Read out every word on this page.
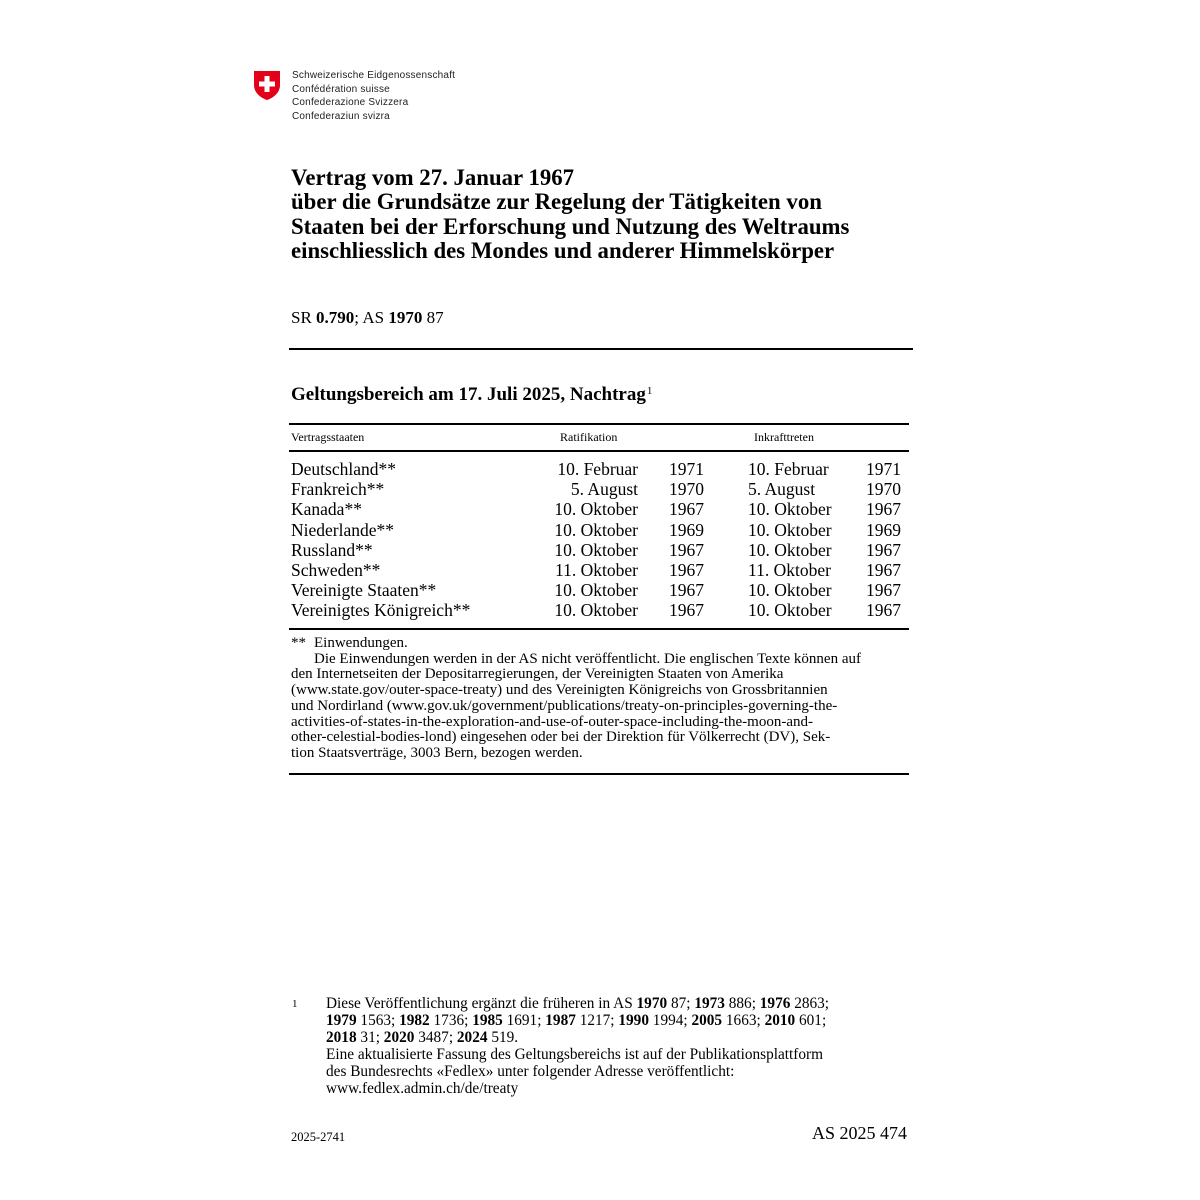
Schweizerische Eidgenossenschaft
Confédération suisse
Confederazione Svizzera
Confederaziun svizra
Vertrag vom 27. Januar 1967
über die Grundsätze zur Regelung der Tätigkeiten von
Staaten bei der Erforschung und Nutzung des Weltraums
einschliesslich des Mondes und anderer Himmelskörper
SR 0.790; AS 1970 87
Geltungsbereich am 17. Juli 2025, Nachtrag$^1$
Vertragsstaaten	Ratifikation	Inkrafttreten
Deutschland**	10. Februar	1971		10. Februar	1971
Frankreich**	5. August	1970		5. August	1970
Kanada**	10. Oktober	1967		10. Oktober	1967
Niederlande**	10. Oktober	1969		10. Oktober	1969
Russland**	10. Oktober	1967		10. Oktober	1967
Schweden**	11. Oktober	1967		11. Oktober	1967
Vereinigte Staaten**	10. Oktober	1967		10. Oktober	1967
Vereinigtes Königreich**	10. Oktober	1967		10. Oktober	1967
** Einwendungen.
Die Einwendungen werden in der AS nicht veröffentlicht. Die englischen Texte können auf
den Internetseiten der Depositarregierungen, der Vereinigten Staaten von Amerika
(www.state.gov/outer-space-treaty) und des Vereinigten Königreichs von Grossbritannien
und Nordirland (www.gov.uk/government/publications/treaty-on-principles-governing-the-
activities-of-states-in-the-exploration-and-use-of-outer-space-including-the-moon-and-
other-celestial-bodies-lond) eingesehen oder bei der Direktion für Völkerrecht (DV), Sek-
tion Staatsverträge, 3003 Bern, bezogen werden.
1 Diese Veröffentlichung ergänzt die früheren in AS 1970 87; 1973 886; 1976 2863;
1979 1563; 1982 1736; 1985 1691; 1987 1217; 1990 1994; 2005 1663; 2010 601;
2018 31; 2020 3487; 2024 519.
Eine aktualisierte Fassung des Geltungsbereichs ist auf der Publikationsplattform
des Bundesrechts «Fedlex» unter folgender Adresse veröffentlicht:
www.fedlex.admin.ch/de/treaty
2025-2741	AS 2025 474
